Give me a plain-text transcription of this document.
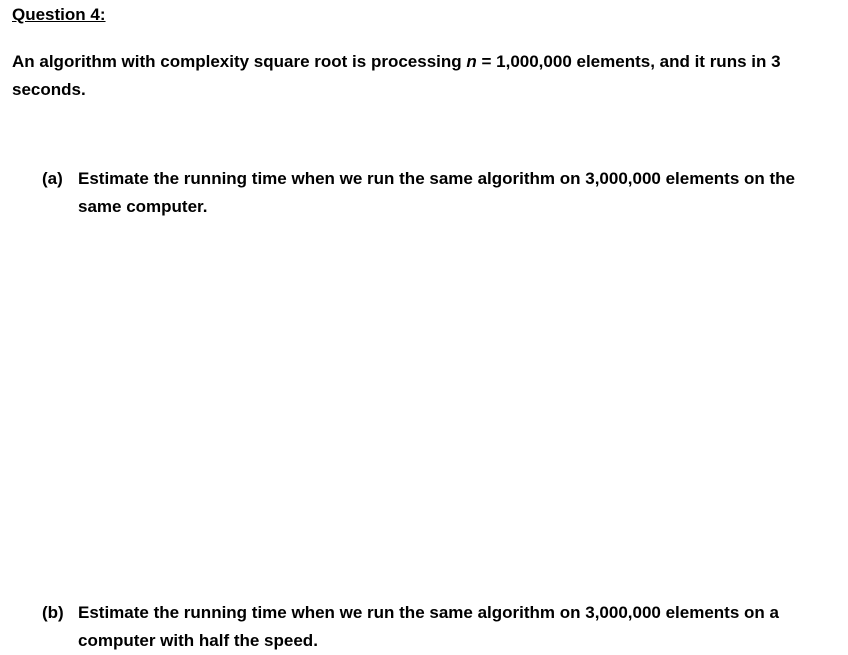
Question 4:
An algorithm with complexity square root is processing n = 1,000,000 elements, and it runs in 3 seconds.
(a) Estimate the running time when we run the same algorithm on 3,000,000 elements on the same computer.
(b) Estimate the running time when we run the same algorithm on 3,000,000 elements on a computer with half the speed.
